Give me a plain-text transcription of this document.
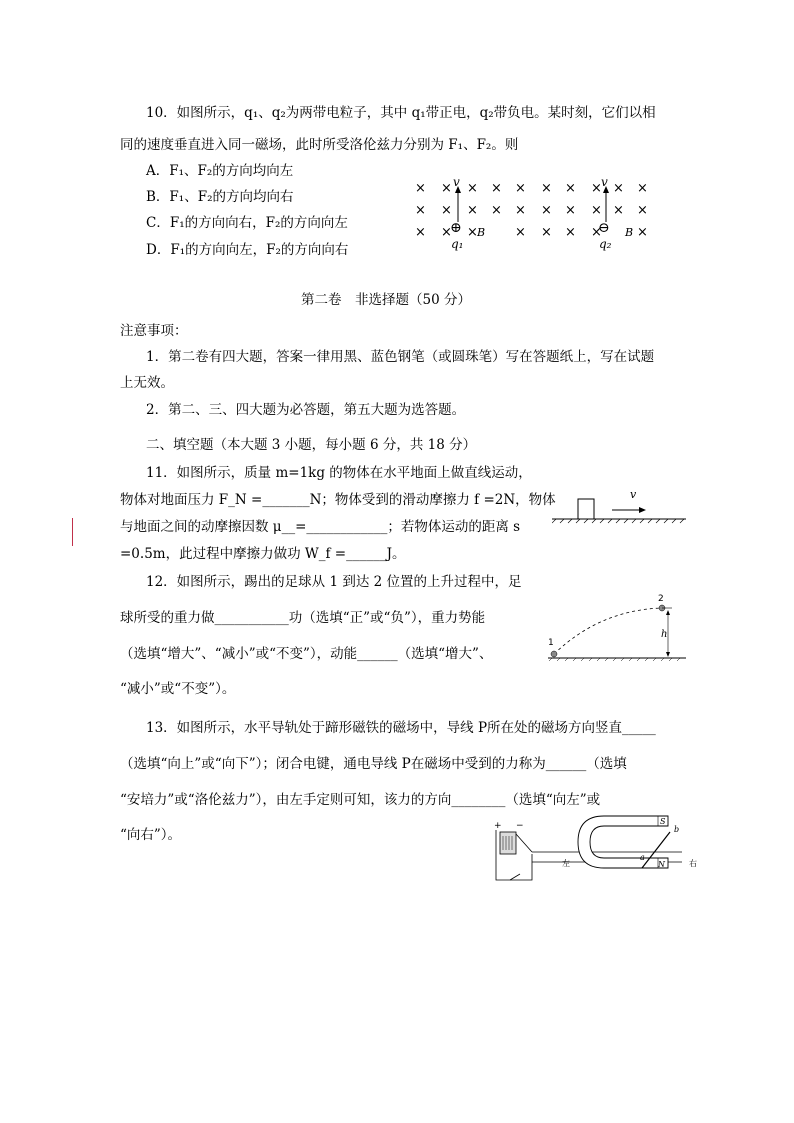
10．如图所示，q₁、q₂为两带电粒子，其中 q₁带正电，q₂带负电。某时刻，它们以相
同的速度垂直进入同一磁场，此时所受洛伦兹力分别为 F₁、F₂。则
A．F₁、F₂的方向均向左
B．F₁、F₂的方向均向右
C．F₁的方向向右，F₂的方向向左
D．F₁的方向向左，F₂的方向向右
× × × × × × × × × ×
× × × × × × × × × ×
× × ×	× × × ×	×
v
⊕
q₁
B
v
⊖
q₂
B
第二卷　非选择题（50 分）
注意事项：
1．第二卷有四大题，答案一律用黑、蓝色钢笔（或圆珠笔）写在答题纸上，写在试题
上无效。
2．第二、三、四大题为必答题，第五大题为选答题。
二、填空题（本大题 3 小题，每小题 6 分，共 18 分）
11．如图所示，质量 m=1kg 的物体在水平地面上做直线运动，
物体对地面压力 F_N =_______N；物体受到的滑动摩擦力 f =2N，物体
与地面之间的动摩擦因数 μ__=____________；若物体运动的距离 s
=0.5m，此过程中摩擦力做功 W_f =______J。
v
12．如图所示，踢出的足球从 1 到达 2 位置的上升过程中，足
球所受的重力做___________功（选填“正”或“负”），重力势能
（选填“增大”、“减小”或“不变”），动能______（选填“增大”、
“减小”或“不变”）。
1
2
h
13．如图所示，水平导轨处于蹄形磁铁的磁场中，导线 P所在处的磁场方向竖直_____
（选填“向上”或“向下”）；闭合电键，通电导线 P在磁场中受到的力称为______（选填
“安培力”或“洛伦兹力”），由左手定则可知，该力的方向________（选填“向左”或
“向右”）。
+ −	S
N
a
b
左	右
